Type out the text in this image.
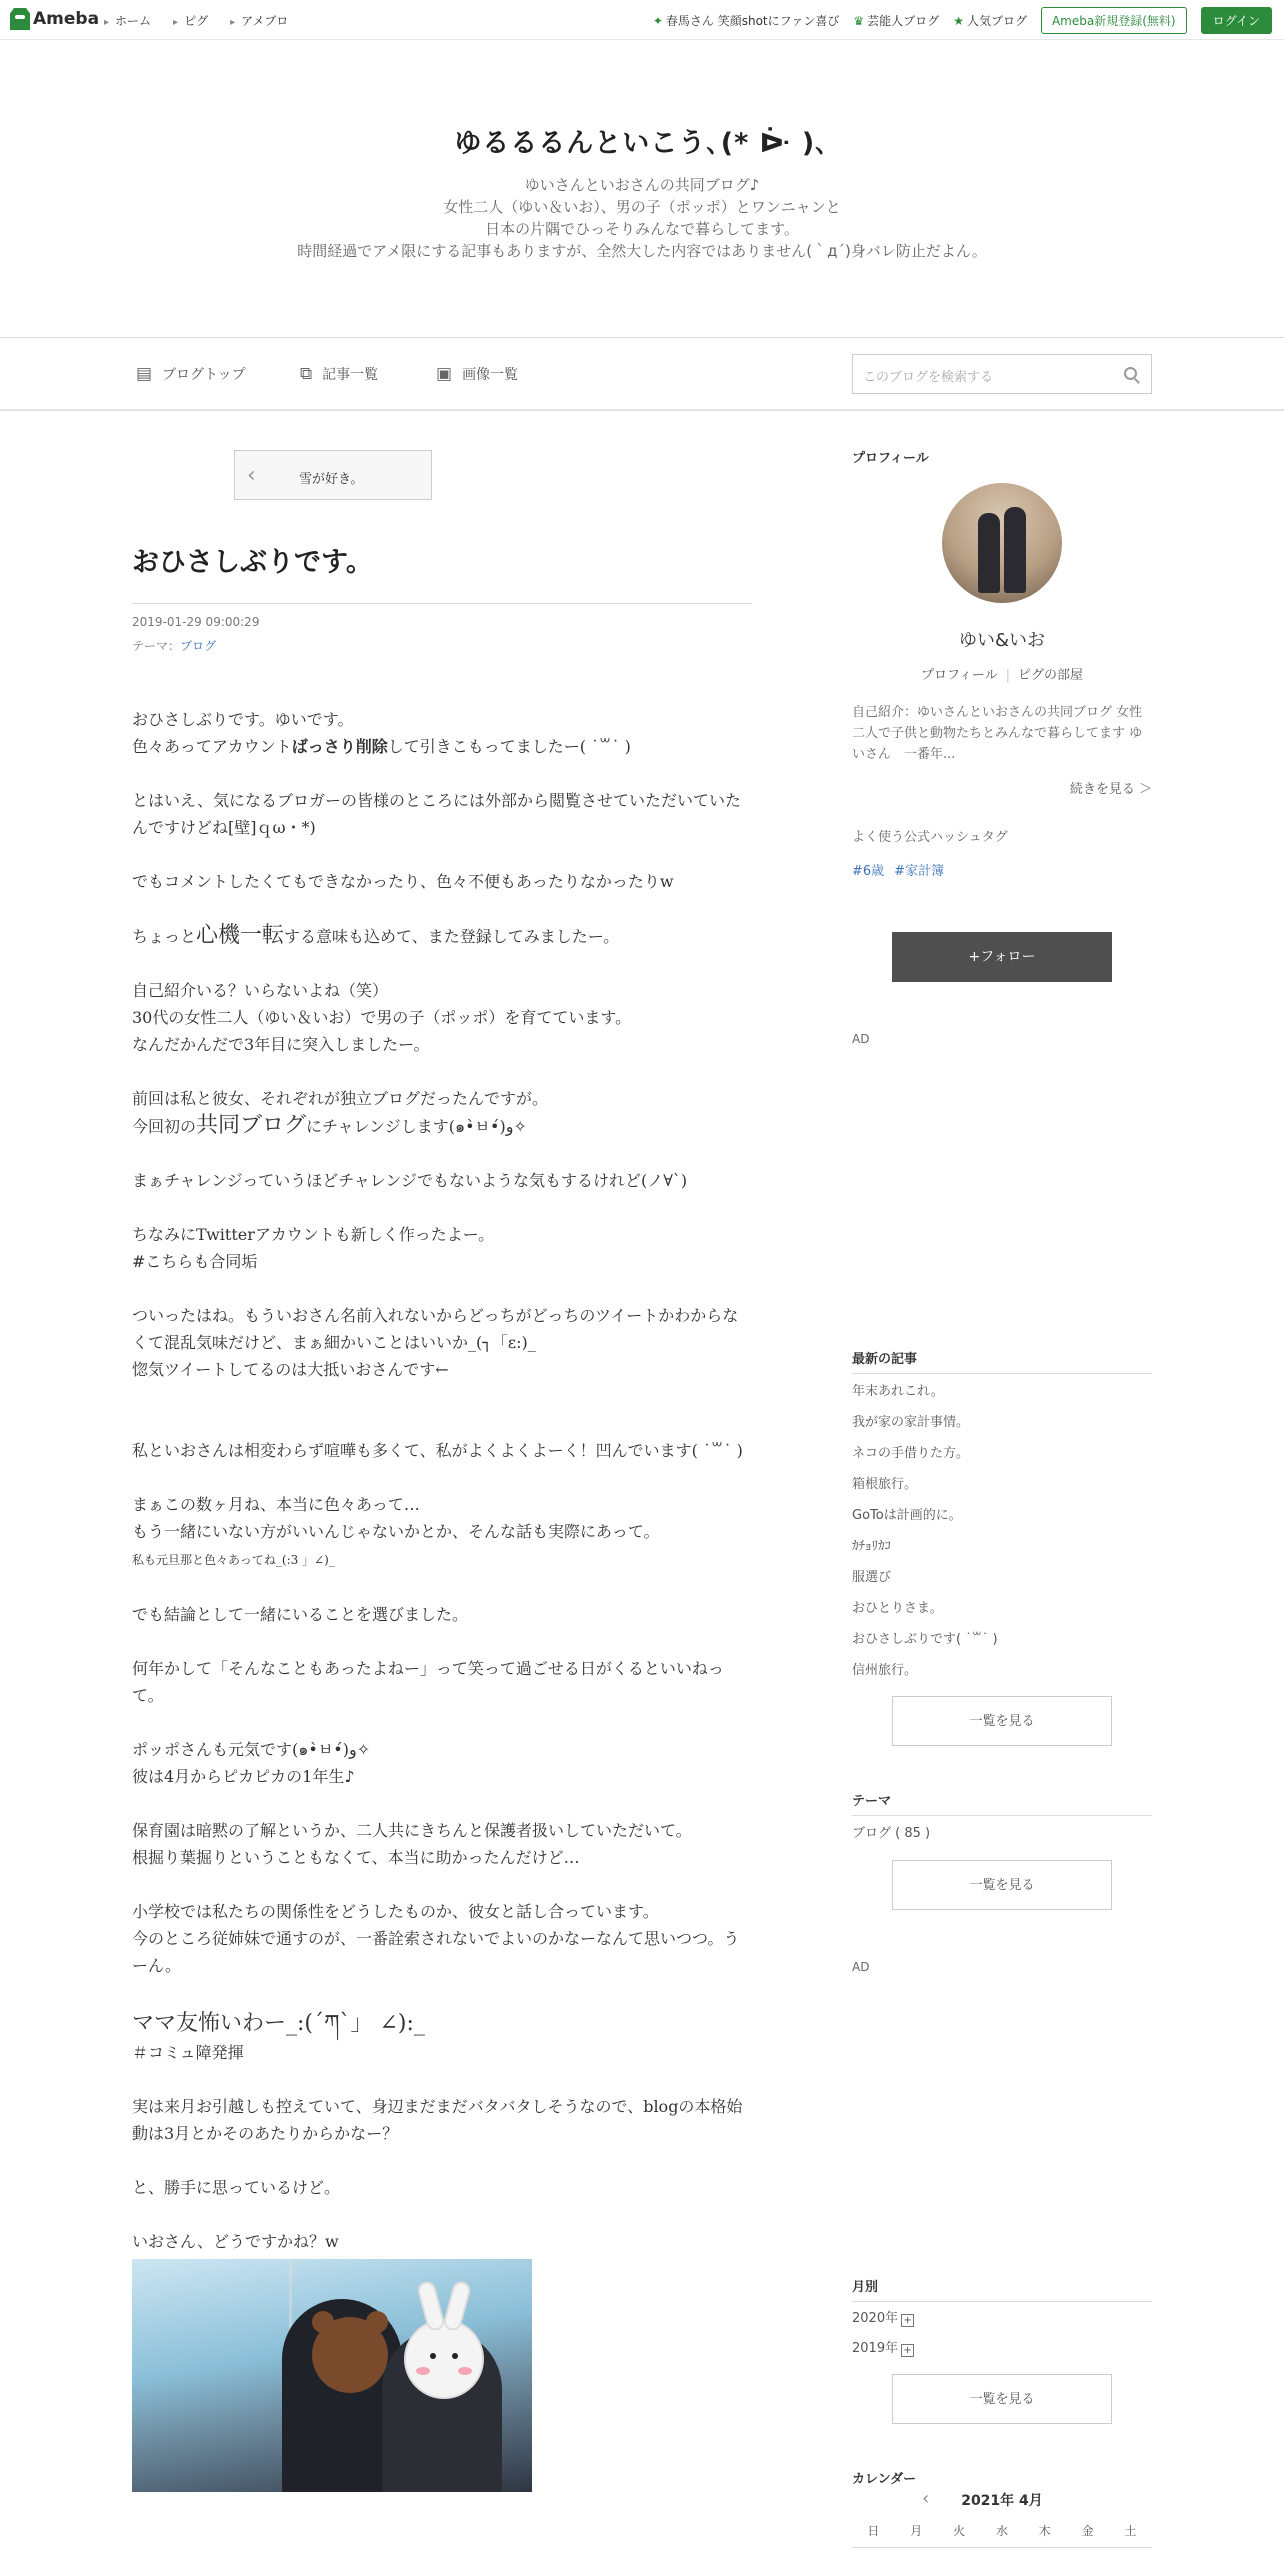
Ameba	▸ ホーム	▸ ピグ	▸ アメブロ	✦ 春馬さん 笑顔shotにファン喜び ♛ 芸能人ブログ ★ 人気ブログ	Ameba新規登録(無料)	ログイン
ゆるるるんといこう､(* ᐕ )､
ゆいさんといおさんの共同ブログ♪
女性二人（ゆい＆いお）、男の子（ポッポ）とワンニャンと
日本の片隅でひっそりみんなで暮らしてます。
時間経過でアメ限にする記事もありますが、全然大した内容ではありません(｀д´)身バレ防止だよん。
▤ ブログトップ	⧉ 記事一覧	▣ 画像一覧	このブログを検索する
‹	雪が好き。
おひさしぶりです。
2019-01-29 09:00:29
テーマ：ブログ

おひさしぶりです。ゆいです。
色々あってアカウントばっさり削除して引きこもってましたー( ˙꒳˙ )

とはいえ、気になるブロガーの皆様のところには外部から閲覧させていただいていたんですけどね[壁]ｑω・*)

でもコメントしたくてもできなかったり、色々不便もあったりなかったりw

ちょっと心機一転する意味も込めて、また登録してみましたー。

自己紹介いる？いらないよね（笑）
30代の女性二人（ゆい＆いお）で男の子（ポッポ）を育てています。
なんだかんだで3年目に突入しましたー。

前回は私と彼女、それぞれが独立ブログだったんですが。
今回初の共同ブログにチャレンジします(๑•̀ㅂ•́)و✧

まぁチャレンジっていうほどチャレンジでもないような気もするけれど(ノ∀`)

ちなみにTwitterアカウントも新しく作ったよー。
#こちらも合同垢

ついったはね。もういおさん名前入れないからどっちがどっちのツイートかわからなくて混乱気味だけど、まぁ細かいことはいいか_(┐「ε:)_
惚気ツイートしてるのは大抵いおさんです←

私といおさんは相変わらず喧嘩も多くて、私がよくよくよーく！凹んでいます( ˙꒳˙ )

まぁこの数ヶ月ね、本当に色々あって…
もう一緒にいない方がいいんじゃないかとか、そんな話も実際にあって。
私も元旦那と色々あってね_(:3 」∠)_

でも結論として一緒にいることを選びました。

何年かして「そんなこともあったよねー」って笑って過ごせる日がくるといいねって。

ポッポさんも元気です(๑•̀ㅂ•́)و✧
彼は4月からピカピカの1年生♪

保育園は暗黙の了解というか、二人共にきちんと保護者扱いしていただいて。
根掘り葉掘りということもなくて、本当に助かったんだけど…

小学校では私たちの関係性をどうしたものか、彼女と話し合っています。
今のところ従姉妹で通すのが、一番詮索されないでよいのかなーなんて思いつつ。うーん。

ママ友怖いわー_:(´ཀ`」 ∠):_

＃コミュ障発揮

実は来月お引越しも控えていて、身辺まだまだバタバタしそうなので、blogの本格始動は3月とかそのあたりからかなー？

と、勝手に思っているけど。

いおさん、どうですかね？w
プロフィール
ゆい&いお
プロフィール | ピグの部屋
自己紹介：ゆいさんといおさんの共同ブログ 女性二人で子供と動物たちとみんなで暮らしてます ゆいさん　一番年...
続きを見る ＞
よく使う公式ハッシュタグ
#6歳 #家計簿
+フォロー
AD
最新の記事
年末あれこれ。
我が家の家計事情。
ネコの手借りた方。
箱根旅行。
GoToは計画的に。
ｶﾁｮﾘｶｺ
服選び
おひとりさま。
おひさしぶりです( ˙꒳˙ )
信州旅行。
一覧を見る
テーマ
ブログ ( 85 )
一覧を見る
AD
月別
2020年 +
2019年 +
一覧を見る
カレンダー
‹ 2021年 4月
日	月	火	水	木	金	土
